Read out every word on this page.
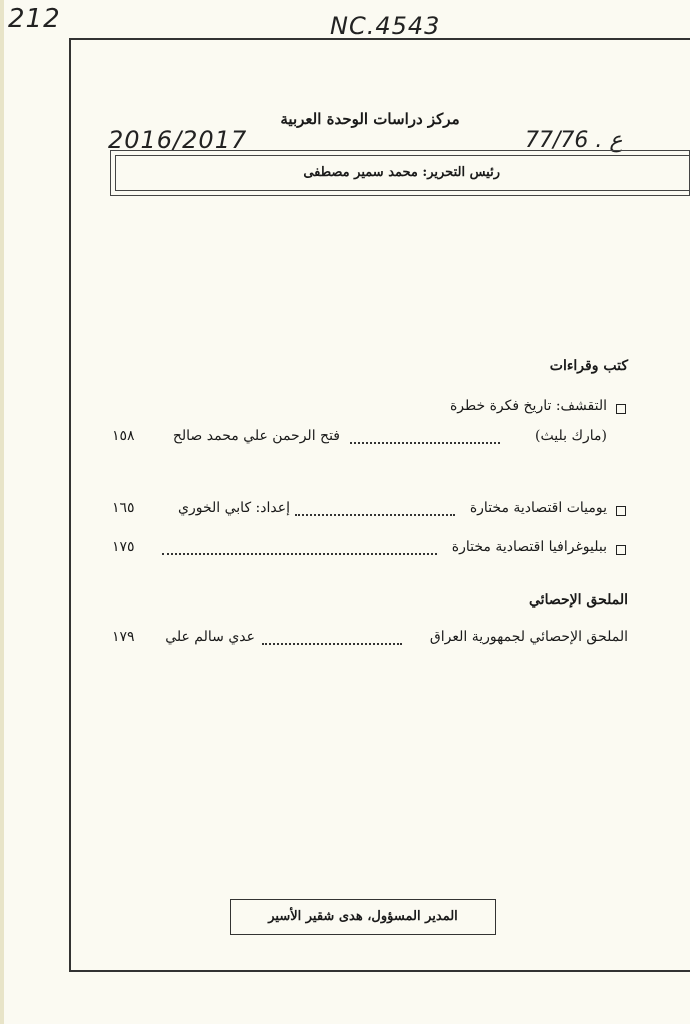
212	NC.4543
مركز دراسات الوحدة العربية
2016/2017	77/76 . ع
رئيس التحرير: محمد سمير مصطفى
كتب وقراءات
التقشف: تاريخ فكرة خطرة
(مارك بليث)
فتح الرحمن علي محمد صالح
١٥٨
يوميات اقتصادية مختارة
إعداد: كابي الخوري
١٦٥
ببليوغرافيا اقتصادية مختارة
١٧٥
الملحق الإحصائي
الملحق الإحصائي لجمهورية العراق
عدي سالم علي
١٧٩
المدير المسؤول، هدى شقير الأسير
